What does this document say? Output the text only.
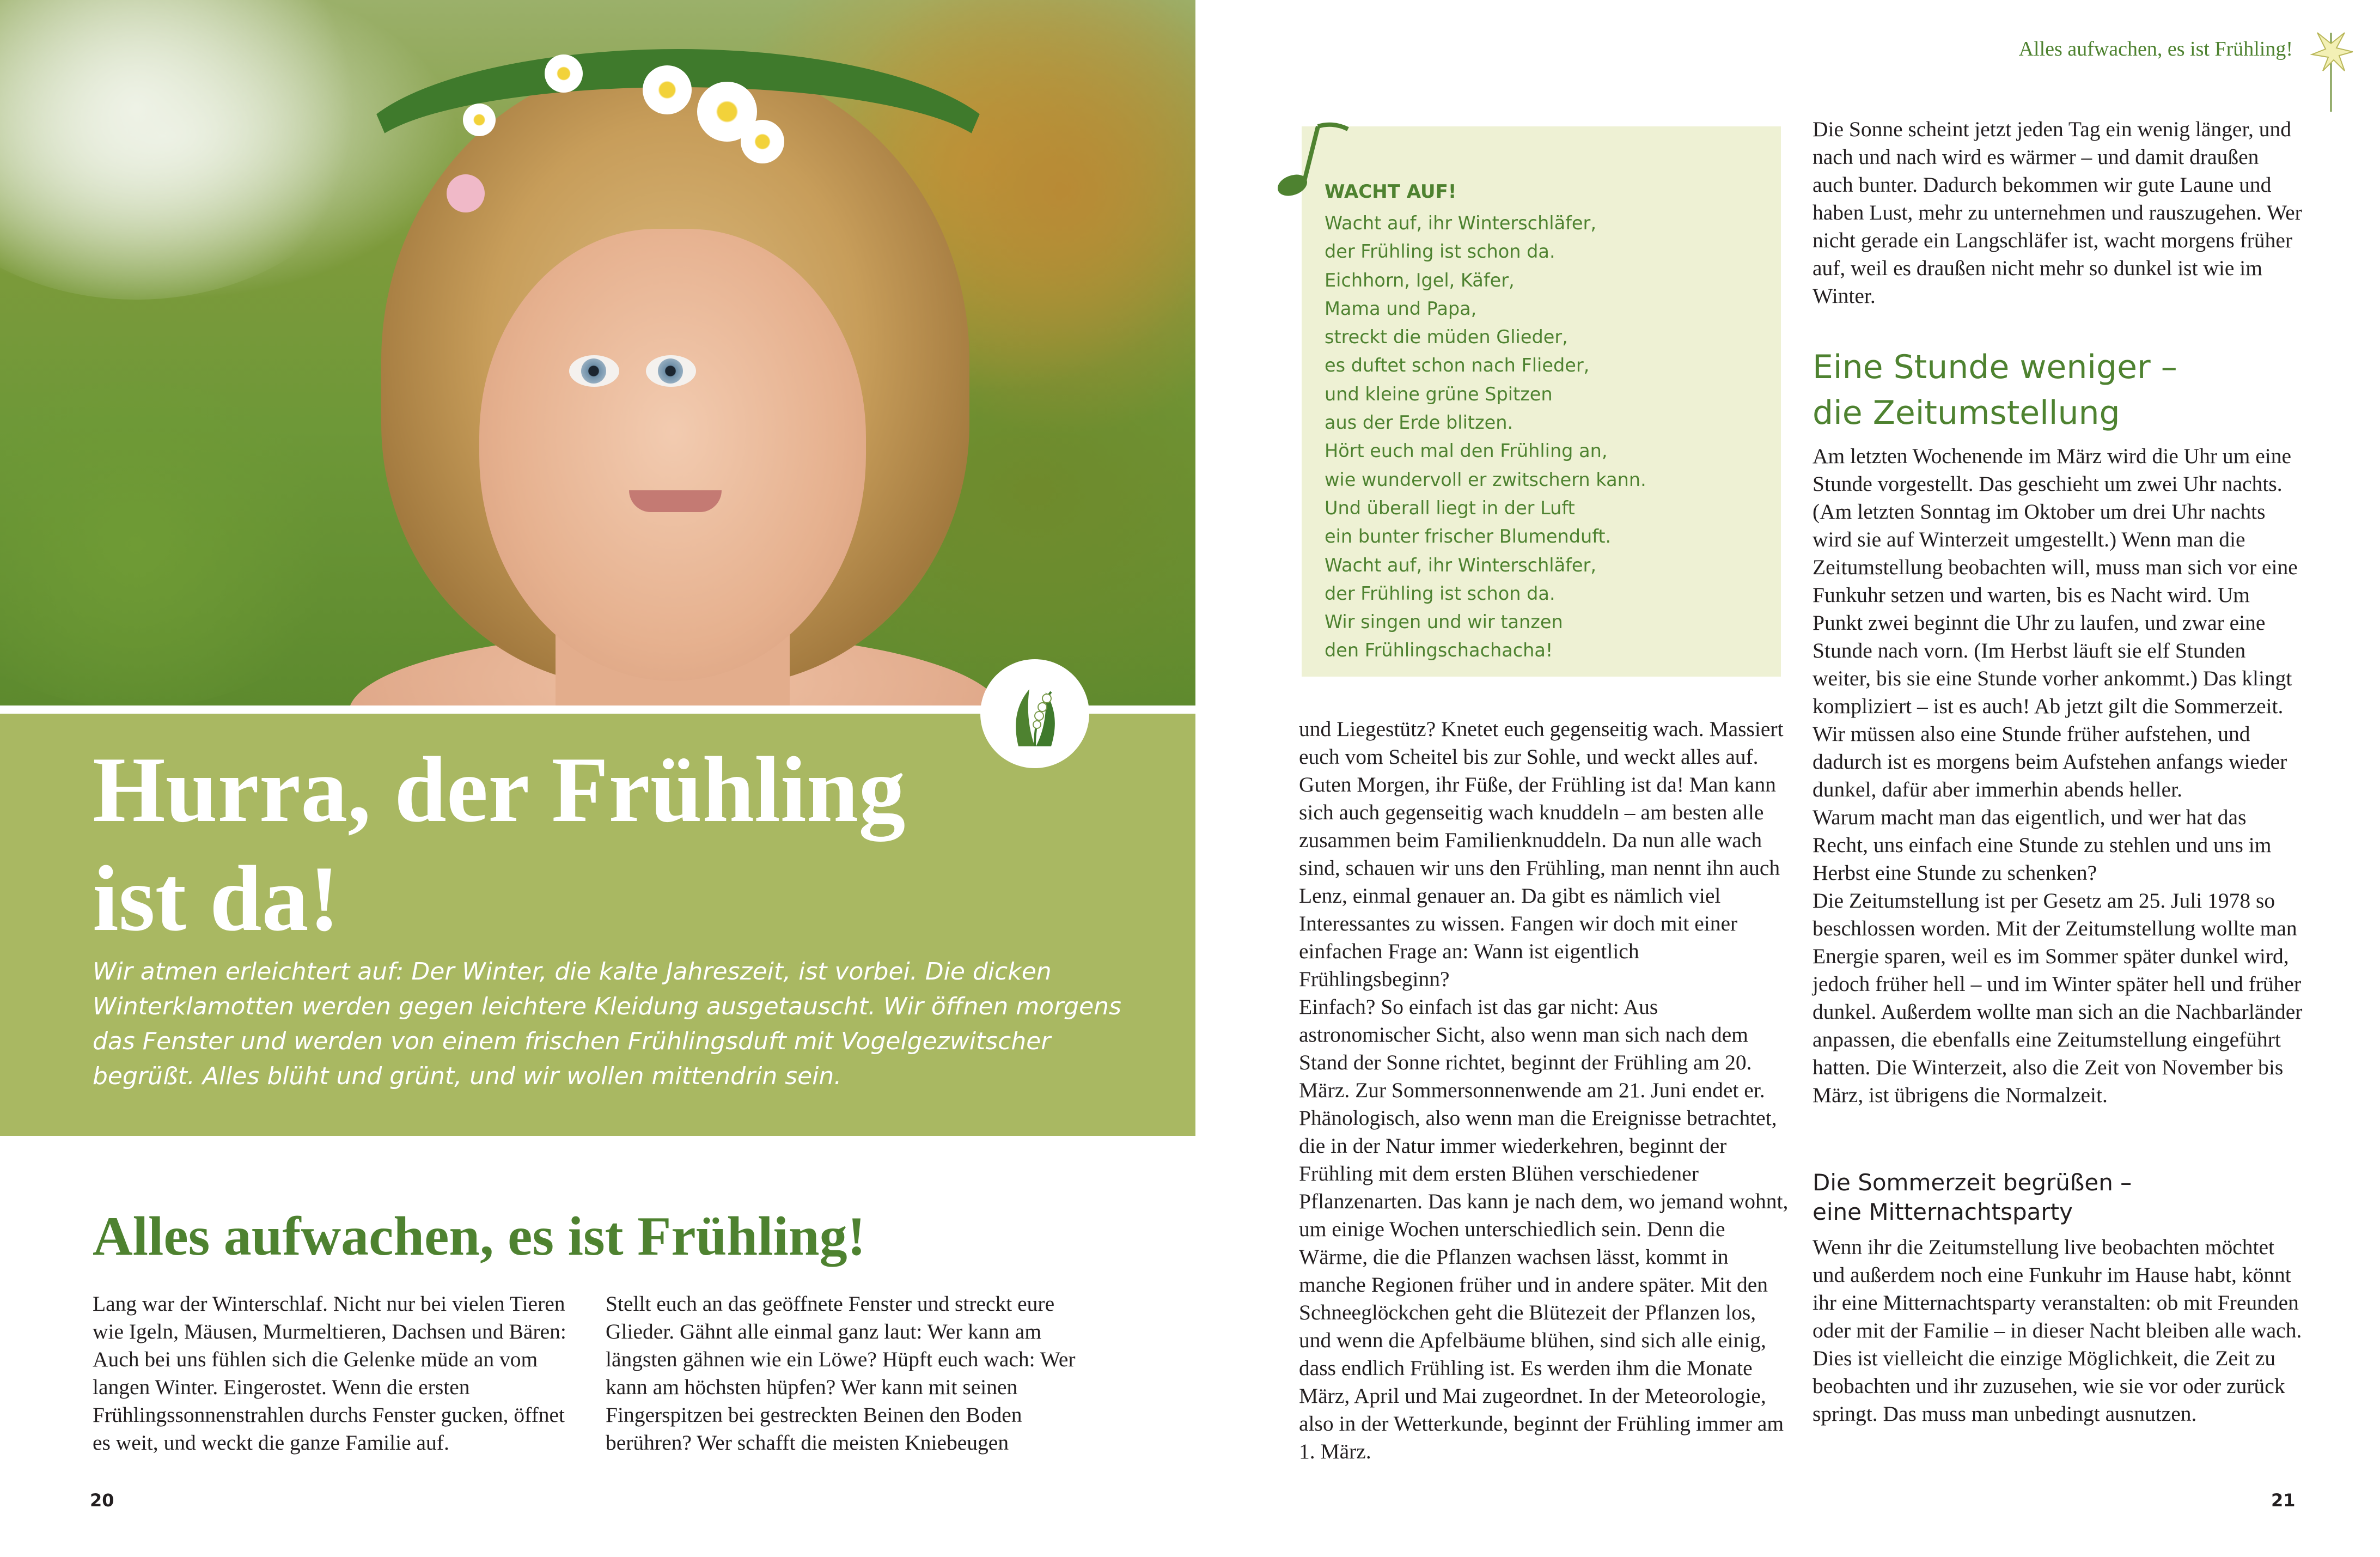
Hurra, der Frühling
ist da!

Wir atmen erleichtert auf: Der Winter, die kalte Jahreszeit, ist vorbei. Die dicken Winterklamotten werden gegen leichtere Kleidung ausgetauscht. Wir öffnen morgens das Fenster und werden von einem frischen Frühlingsduft mit Vogelgezwitscher begrüßt. Alles blüht und grünt, und wir wollen mittendrin sein.

Alles aufwachen, es ist Frühling!

Lang war der Winterschlaf. Nicht nur bei vielen Tieren wie Igeln, Mäusen, Murmeltieren, Dachsen und Bären: Auch bei uns fühlen sich die Gelenke müde an vom langen Winter. Eingerostet. Wenn die ersten Frühlingssonnenstrahlen durchs Fenster gucken, öffnet es weit, und weckt die ganze Familie auf.

Stellt euch an das geöffnete Fenster und streckt eure Glieder. Gähnt alle einmal ganz laut: Wer kann am längsten gähnen wie ein Löwe? Hüpft euch wach: Wer kann am höchsten hüpfen? Wer kann mit seinen Fingerspitzen bei gestreckten Beinen den Boden berühren? Wer schafft die meisten Kniebeugen

20
Alles aufwachen, es ist Frühling!
WACHT AUF!
Wacht auf, ihr Winterschläfer,
der Frühling ist schon da.
Eichhorn, Igel, Käfer,
Mama und Papa,
streckt die müden Glieder,
es duftet schon nach Flieder,
und kleine grüne Spitzen
aus der Erde blitzen.
Hört euch mal den Frühling an,
wie wundervoll er zwitschern kann.
Und überall liegt in der Luft
ein bunter frischer Blumenduft.
Wacht auf, ihr Winterschläfer,
der Frühling ist schon da.
Wir singen und wir tanzen
den Frühlingschachacha!

und Liegestütz? Knetet euch gegenseitig wach. Massiert euch vom Scheitel bis zur Sohle, und weckt alles auf. Guten Morgen, ihr Füße, der Frühling ist da! Man kann sich auch gegenseitig wach knuddeln – am besten alle zusammen beim Familienknuddeln. Da nun alle wach sind, schauen wir uns den Frühling, man nennt ihn auch Lenz, einmal genauer an. Da gibt es nämlich viel Interessantes zu wissen. Fangen wir doch mit einer einfachen Frage an: Wann ist eigentlich Frühlingsbeginn?
Einfach? So einfach ist das gar nicht: Aus astronomischer Sicht, also wenn man sich nach dem Stand der Sonne richtet, beginnt der Frühling am 20. März. Zur Sommersonnenwende am 21. Juni endet er. Phänologisch, also wenn man die Ereignisse betrachtet, die in der Natur immer wiederkehren, beginnt der Frühling mit dem ersten Blühen verschiedener Pflanzenarten. Das kann je nach dem, wo jemand wohnt, um einige Wochen unterschiedlich sein. Denn die Wärme, die die Pflanzen wachsen lässt, kommt in manche Regionen früher und in andere später. Mit den Schneeglöckchen geht die Blütezeit der Pflanzen los, und wenn die Apfelbäume blühen, sind sich alle einig, dass endlich Frühling ist. Es werden ihm die Monate März, April und Mai zugeordnet. In der Meteorologie, also in der Wetterkunde, beginnt der Frühling immer am 1. März.

Die Sonne scheint jetzt jeden Tag ein wenig länger, und nach und nach wird es wärmer – und damit draußen auch bunter. Dadurch bekommen wir gute Laune und haben Lust, mehr zu unternehmen und rauszugehen. Wer nicht gerade ein Langschläfer ist, wacht morgens früher auf, weil es draußen nicht mehr so dunkel ist wie im Winter.

Eine Stunde weniger –
die Zeitumstellung

Am letzten Wochenende im März wird die Uhr um eine Stunde vorgestellt. Das geschieht um zwei Uhr nachts. (Am letzten Sonntag im Oktober um drei Uhr nachts wird sie auf Winterzeit umgestellt.) Wenn man die Zeitumstellung beobachten will, muss man sich vor eine Funkuhr setzen und warten, bis es Nacht wird. Um Punkt zwei beginnt die Uhr zu laufen, und zwar eine Stunde nach vorn. (Im Herbst läuft sie elf Stunden weiter, bis sie eine Stunde vorher ankommt.) Das klingt kompliziert – ist es auch! Ab jetzt gilt die Sommerzeit. Wir müssen also eine Stunde früher aufstehen, und dadurch ist es morgens beim Aufstehen anfangs wieder dunkel, dafür aber immerhin abends heller.
Warum macht man das eigentlich, und wer hat das Recht, uns einfach eine Stunde zu stehlen und uns im Herbst eine Stunde zu schenken?
Die Zeitumstellung ist per Gesetz am 25. Juli 1978 so beschlossen worden. Mit der Zeitumstellung wollte man Energie sparen, weil es im Sommer später dunkel wird, jedoch früher hell – und im Winter später hell und früher dunkel. Außerdem wollte man sich an die Nachbarländer anpassen, die ebenfalls eine Zeitumstellung eingeführt hatten. Die Winterzeit, also die Zeit von November bis März, ist übrigens die Normalzeit.

Die Sommerzeit begrüßen –
eine Mitternachtsparty

Wenn ihr die Zeitumstellung live beobachten möchtet und außerdem noch eine Funkuhr im Hause habt, könnt ihr eine Mitternachtsparty veranstalten: ob mit Freunden oder mit der Familie – in dieser Nacht bleiben alle wach. Dies ist vielleicht die einzige Möglichkeit, die Zeit zu beobachten und ihr zuzusehen, wie sie vor oder zurück springt. Das muss man unbedingt ausnutzen.

21
